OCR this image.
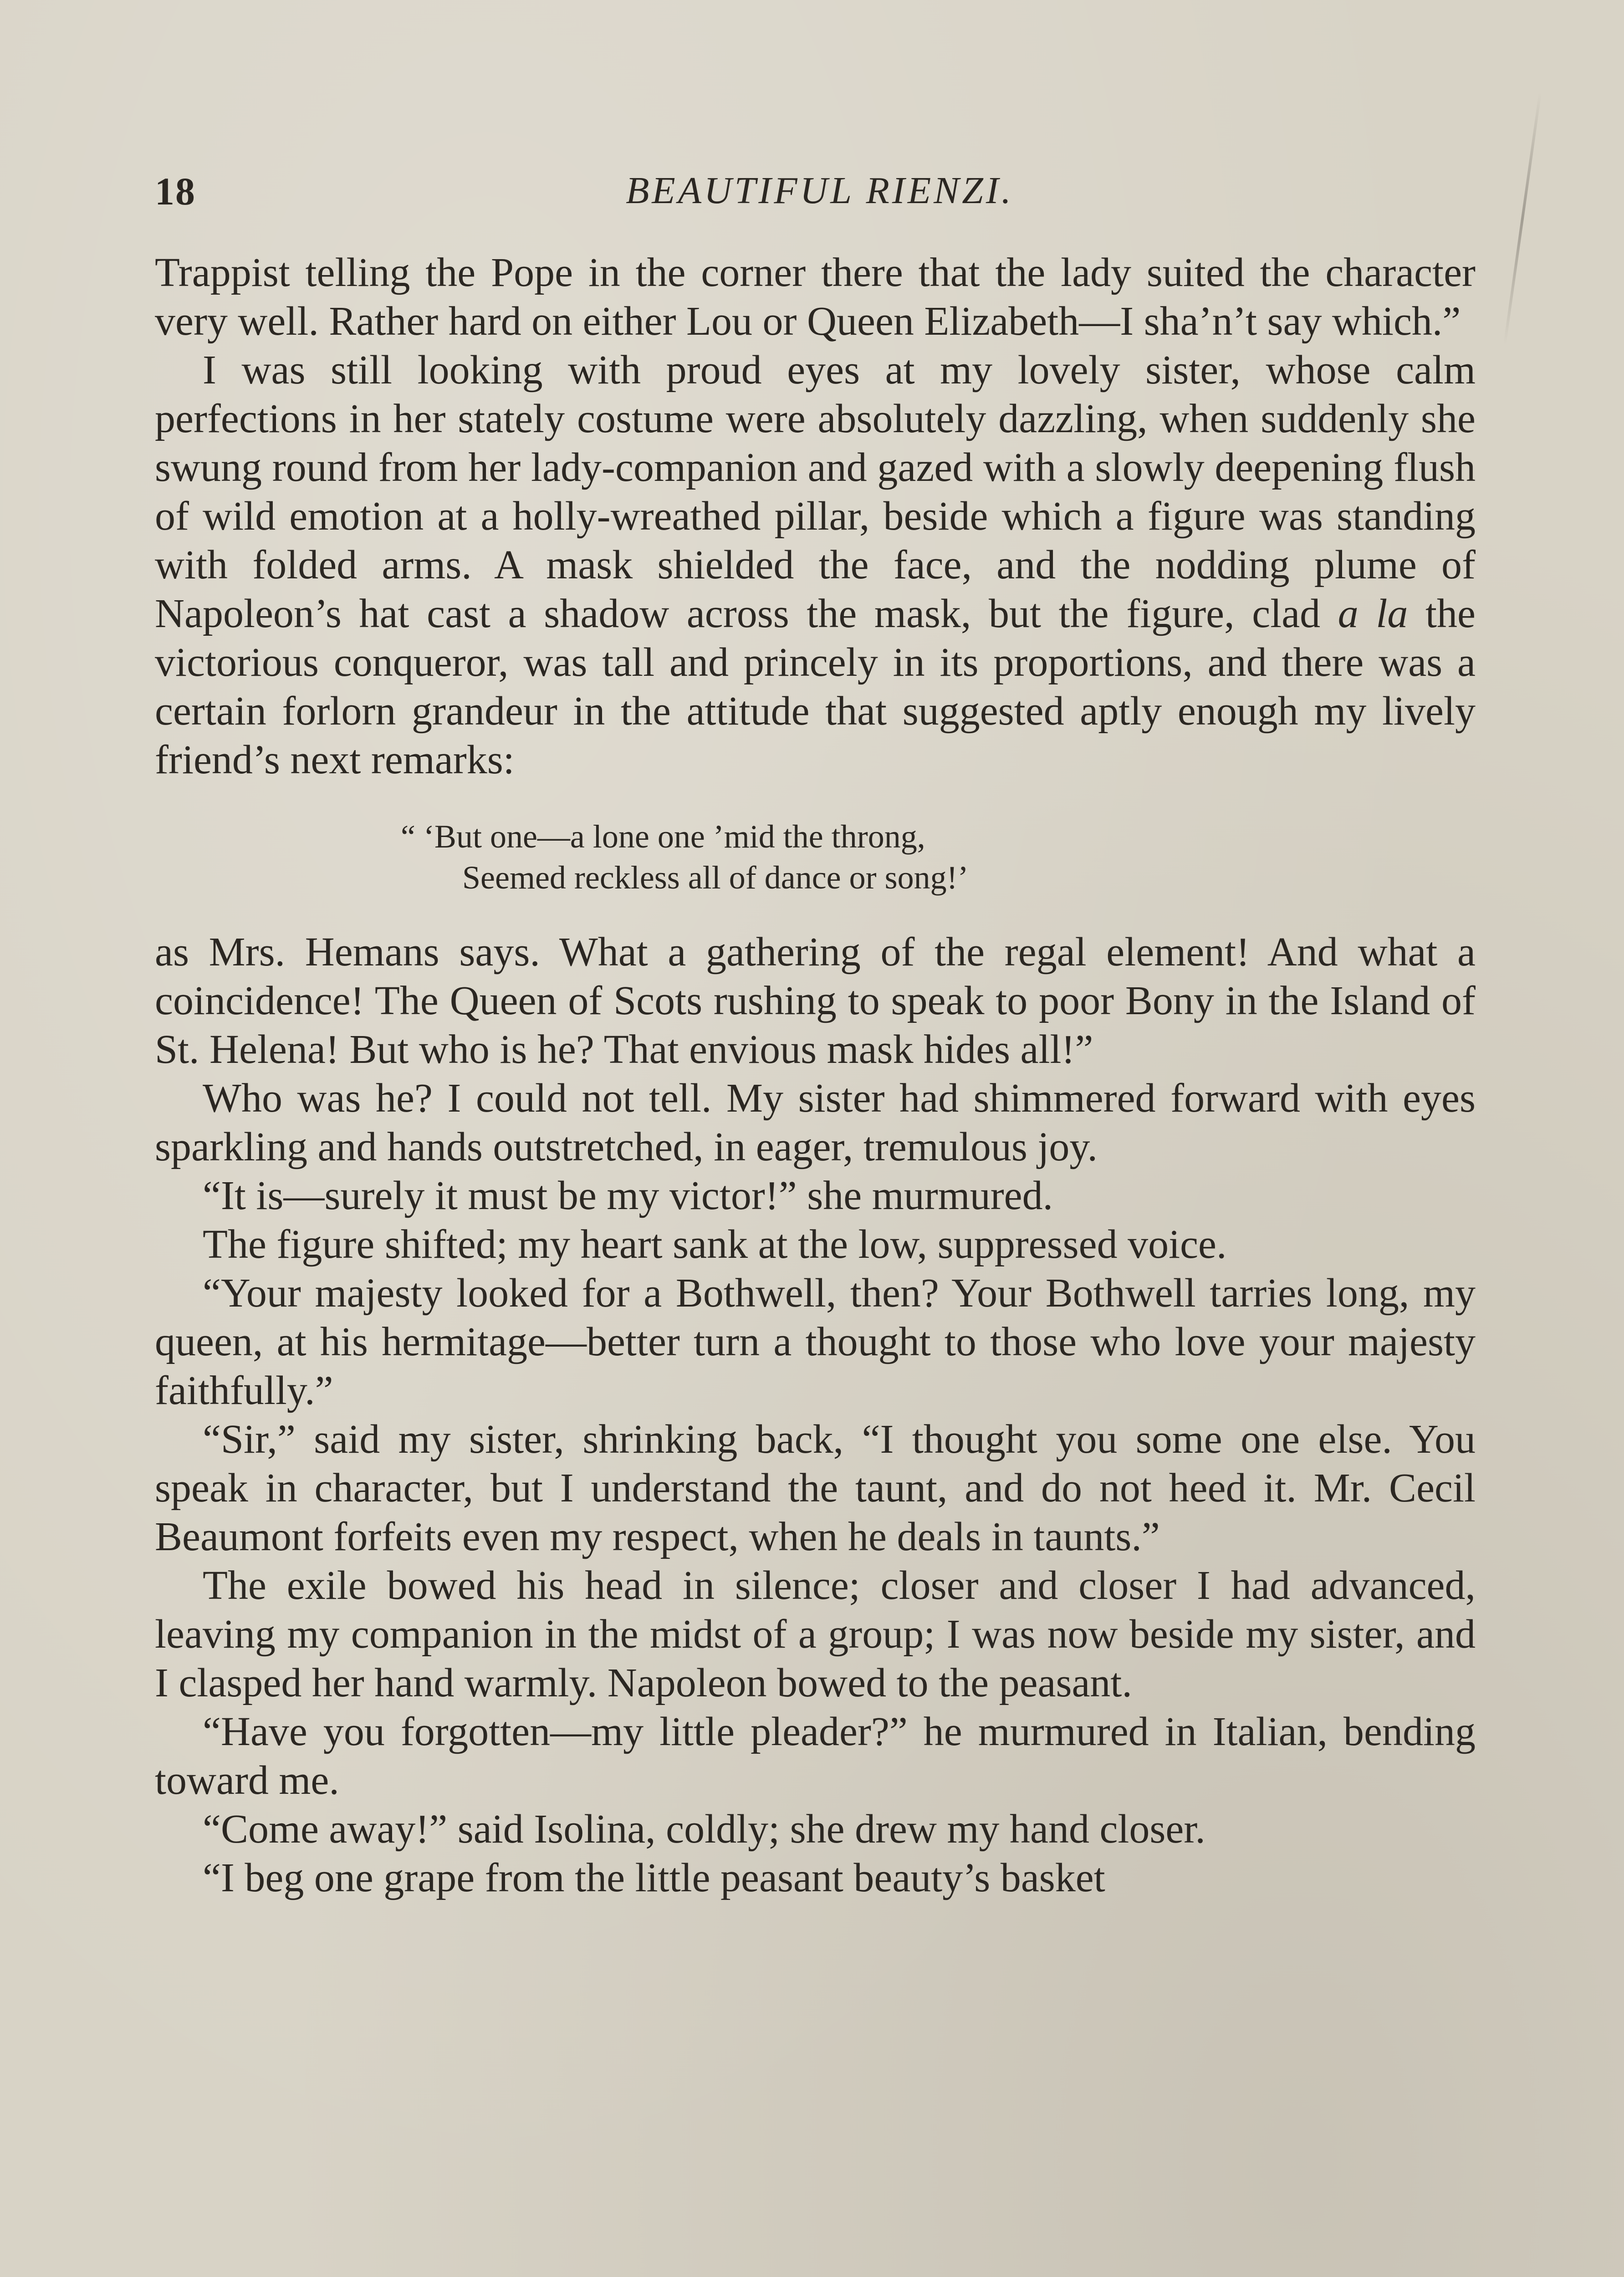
18	BEAUTIFUL RIENZI.

Trappist telling the Pope in the corner there that the lady suited the character very well. Rather hard on either Lou or Queen Elizabeth—I sha’n’t say which.”

I was still looking with proud eyes at my lovely sister, whose calm perfections in her stately costume were absolutely dazzling, when suddenly she swung round from her lady-companion and gazed with a slowly deepening flush of wild emotion at a holly-wreathed pillar, beside which a figure was standing with folded arms. A mask shielded the face, and the nodding plume of Napoleon’s hat cast a shadow across the mask, but the figure, clad a la the victorious conqueror, was tall and princely in its proportions, and there was a certain forlorn grandeur in the attitude that suggested aptly enough my lively friend’s next remarks:

“ ‘But one—a lone one ’mid the throng,
Seemed reckless all of dance or song!’

as Mrs. Hemans says. What a gathering of the regal element! And what a coincidence! The Queen of Scots rushing to speak to poor Bony in the Island of St. Helena! But who is he? That envious mask hides all!”

Who was he? I could not tell. My sister had shimmered forward with eyes sparkling and hands outstretched, in eager, tremulous joy.

“It is—surely it must be my victor!” she murmured.

The figure shifted; my heart sank at the low, suppressed voice.

“Your majesty looked for a Bothwell, then? Your Bothwell tarries long, my queen, at his hermitage—better turn a thought to those who love your majesty faithfully.”

“Sir,” said my sister, shrinking back, “I thought you some one else. You speak in character, but I understand the taunt, and do not heed it. Mr. Cecil Beaumont forfeits even my respect, when he deals in taunts.”

The exile bowed his head in silence; closer and closer I had advanced, leaving my companion in the midst of a group; I was now beside my sister, and I clasped her hand warmly. Napoleon bowed to the peasant.

“Have you forgotten—my little pleader?” he murmured in Italian, bending toward me.

“Come away!” said Isolina, coldly; she drew my hand closer.

“I beg one grape from the little peasant beauty’s basket
